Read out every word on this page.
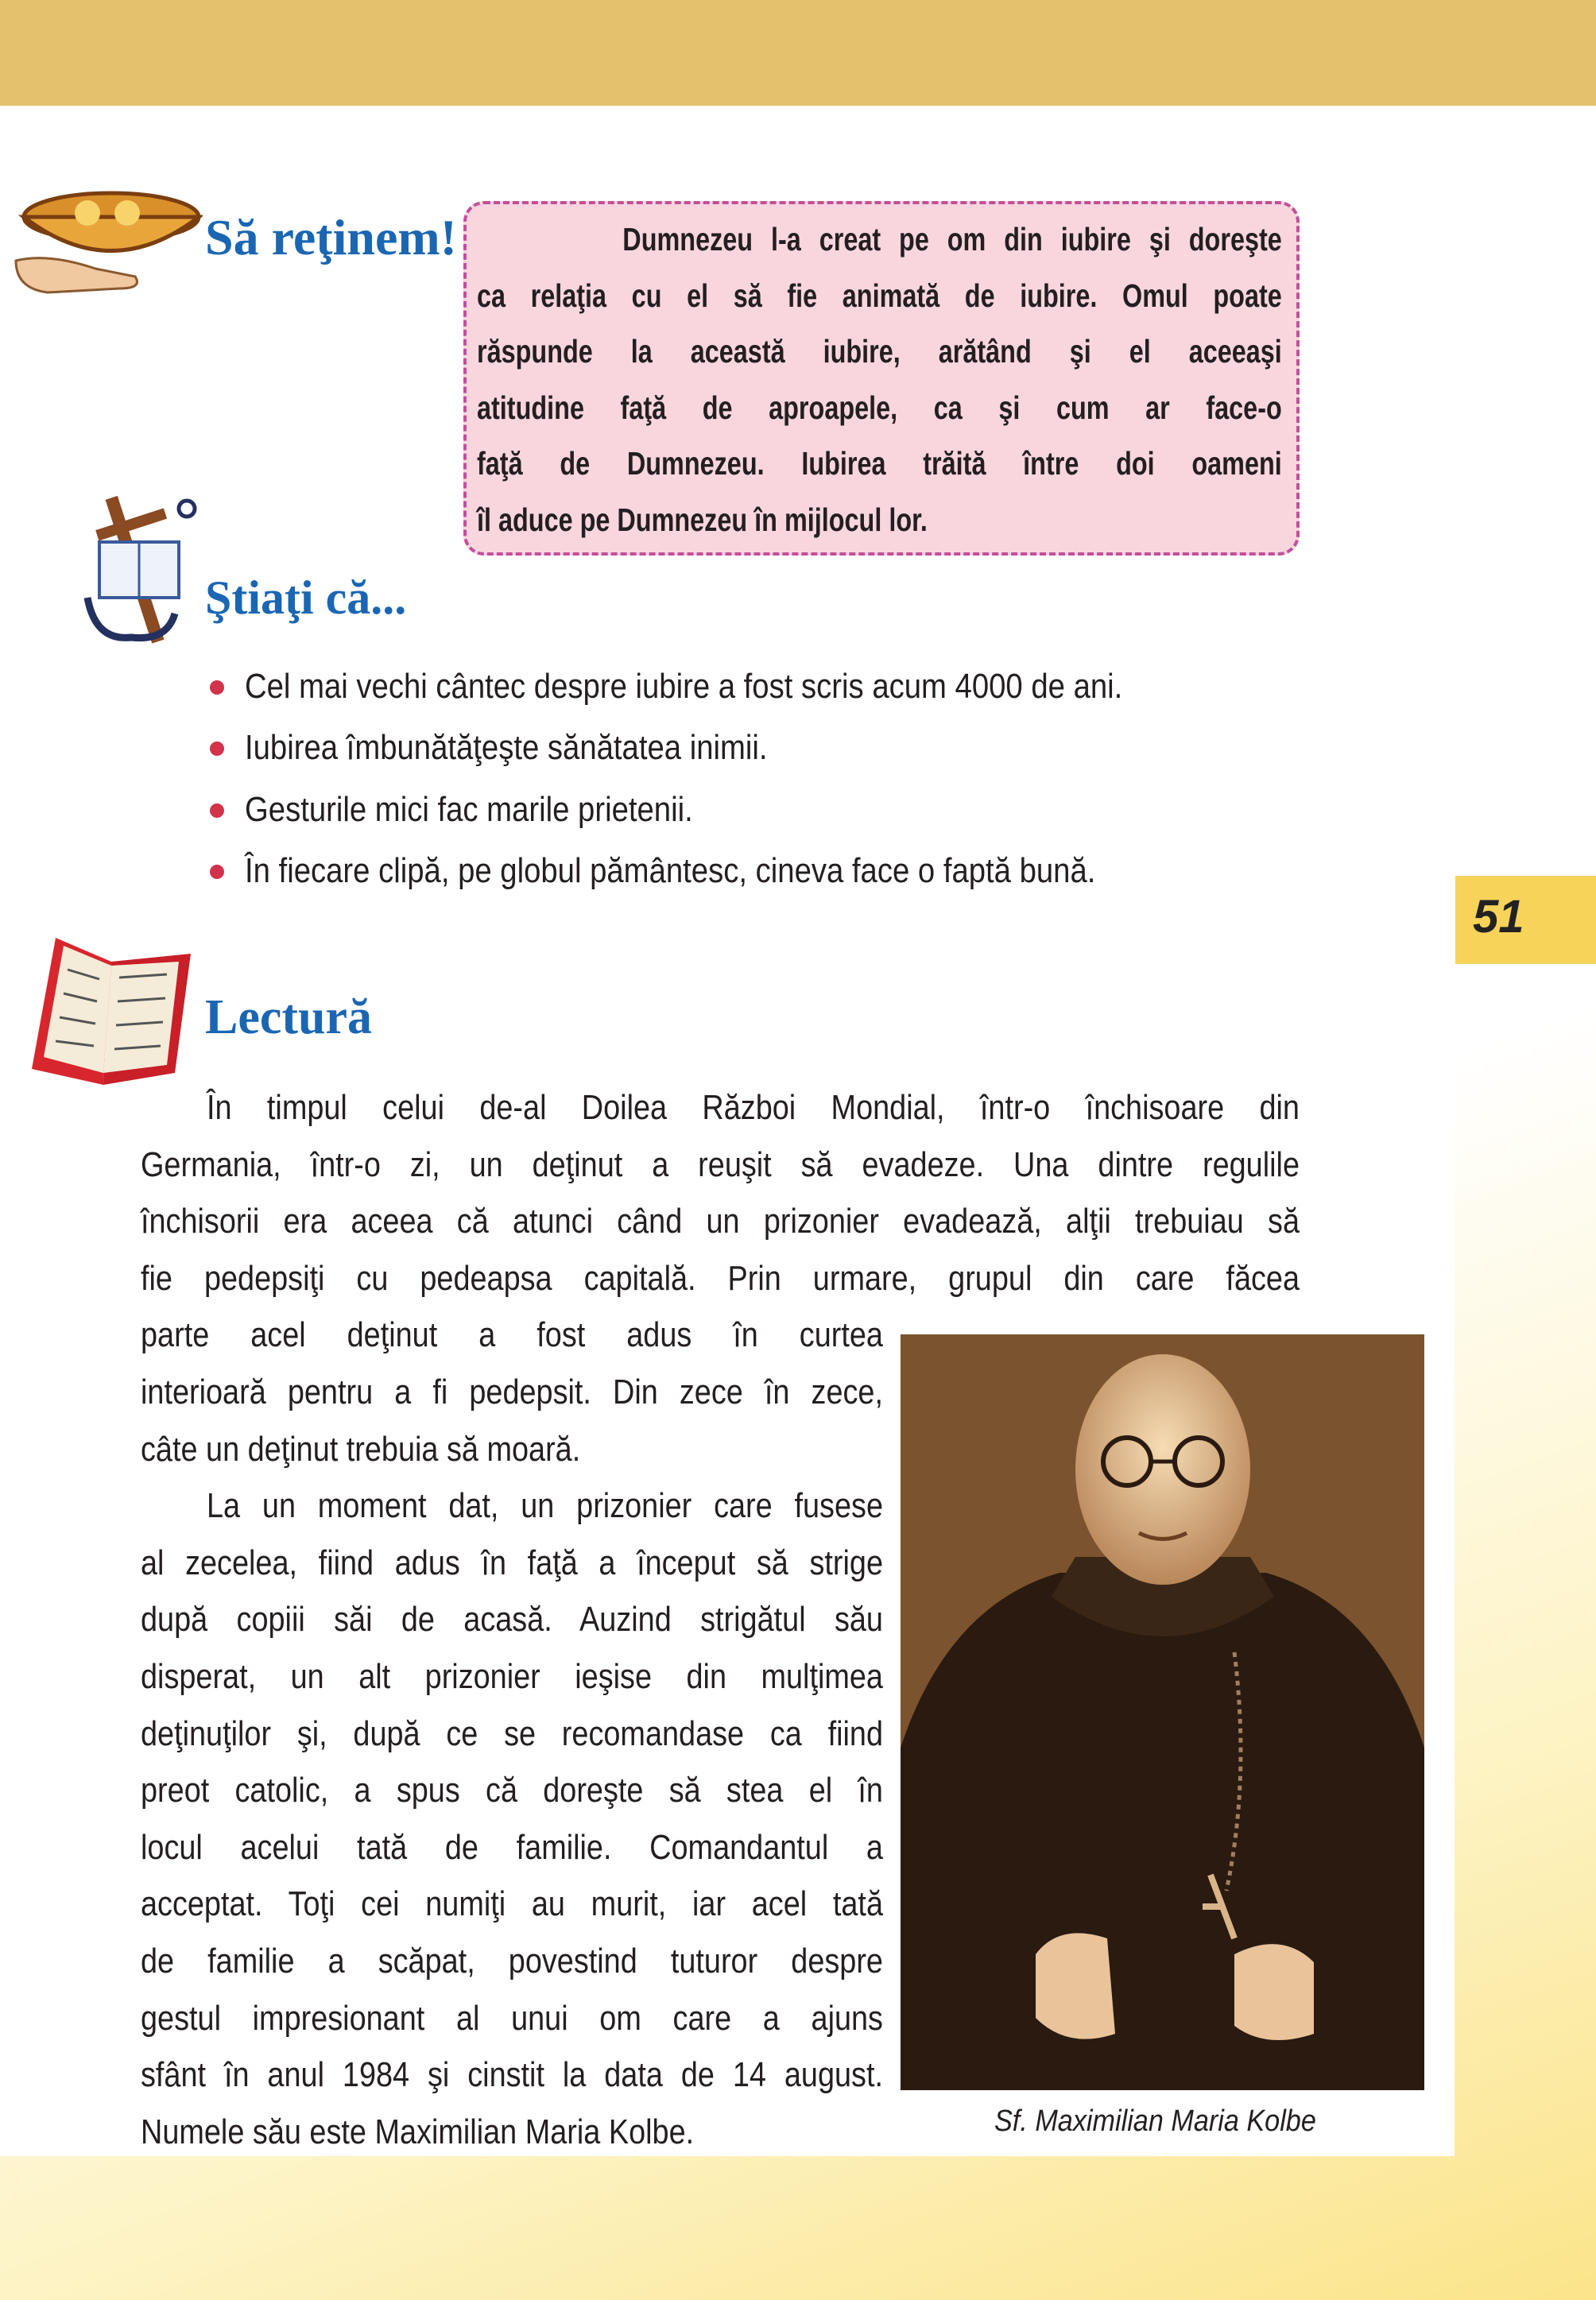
51
Să reţinem! Dumnezeu l-a creat pe om din iubire şi doreşte
ca relaţia cu el să fie animată de iubire. Omul poate
răspunde la această iubire, arătând şi el aceeaşi
atitudine faţă de aproapele, ca şi cum ar face-o
faţă de Dumnezeu. Iubirea trăită între doi oameni
îl aduce pe Dumnezeu în mijlocul lor.
Ştiaţi că...
Cel mai vechi cântec despre iubire a fost scris acum 4000 de ani.
Iubirea îmbunătăţeşte sănătatea inimii.
Gesturile mici fac marile prietenii.
În fiecare clipă, pe globul pământesc, cineva face o faptă bună.
Lectură
În timpul celui de-al Doilea Război Mondial, într-o închisoare din
Germania, într-o zi, un deţinut a reuşit să evadeze. Una dintre regulile
închisorii era aceea că atunci când un prizonier evadează, alţii trebuiau să
fie pedepsiţi cu pedeapsa capitală. Prin urmare, grupul din care făcea
parte acel deţinut a fost adus în curtea
interioară pentru a fi pedepsit. Din zece în zece,
câte un deţinut trebuia să moară.
La un moment dat, un prizonier care fusese
al zecelea, fiind adus în faţă a început să strige
după copiii săi de acasă. Auzind strigătul său
disperat, un alt prizonier ieşise din mulţimea
deţinuţilor şi, după ce se recomandase ca fiind
preot catolic, a spus că doreşte să stea el în
locul acelui tată de familie. Comandantul a
acceptat. Toţi cei numiţi au murit, iar acel tată
de familie a scăpat, povestind tuturor despre
gestul impresionant al unui om care a ajuns
sfânt în anul 1984 şi cinstit la data de 14 august.
Numele său este Maximilian Maria Kolbe.	Sf. Maximilian Maria Kolbe
